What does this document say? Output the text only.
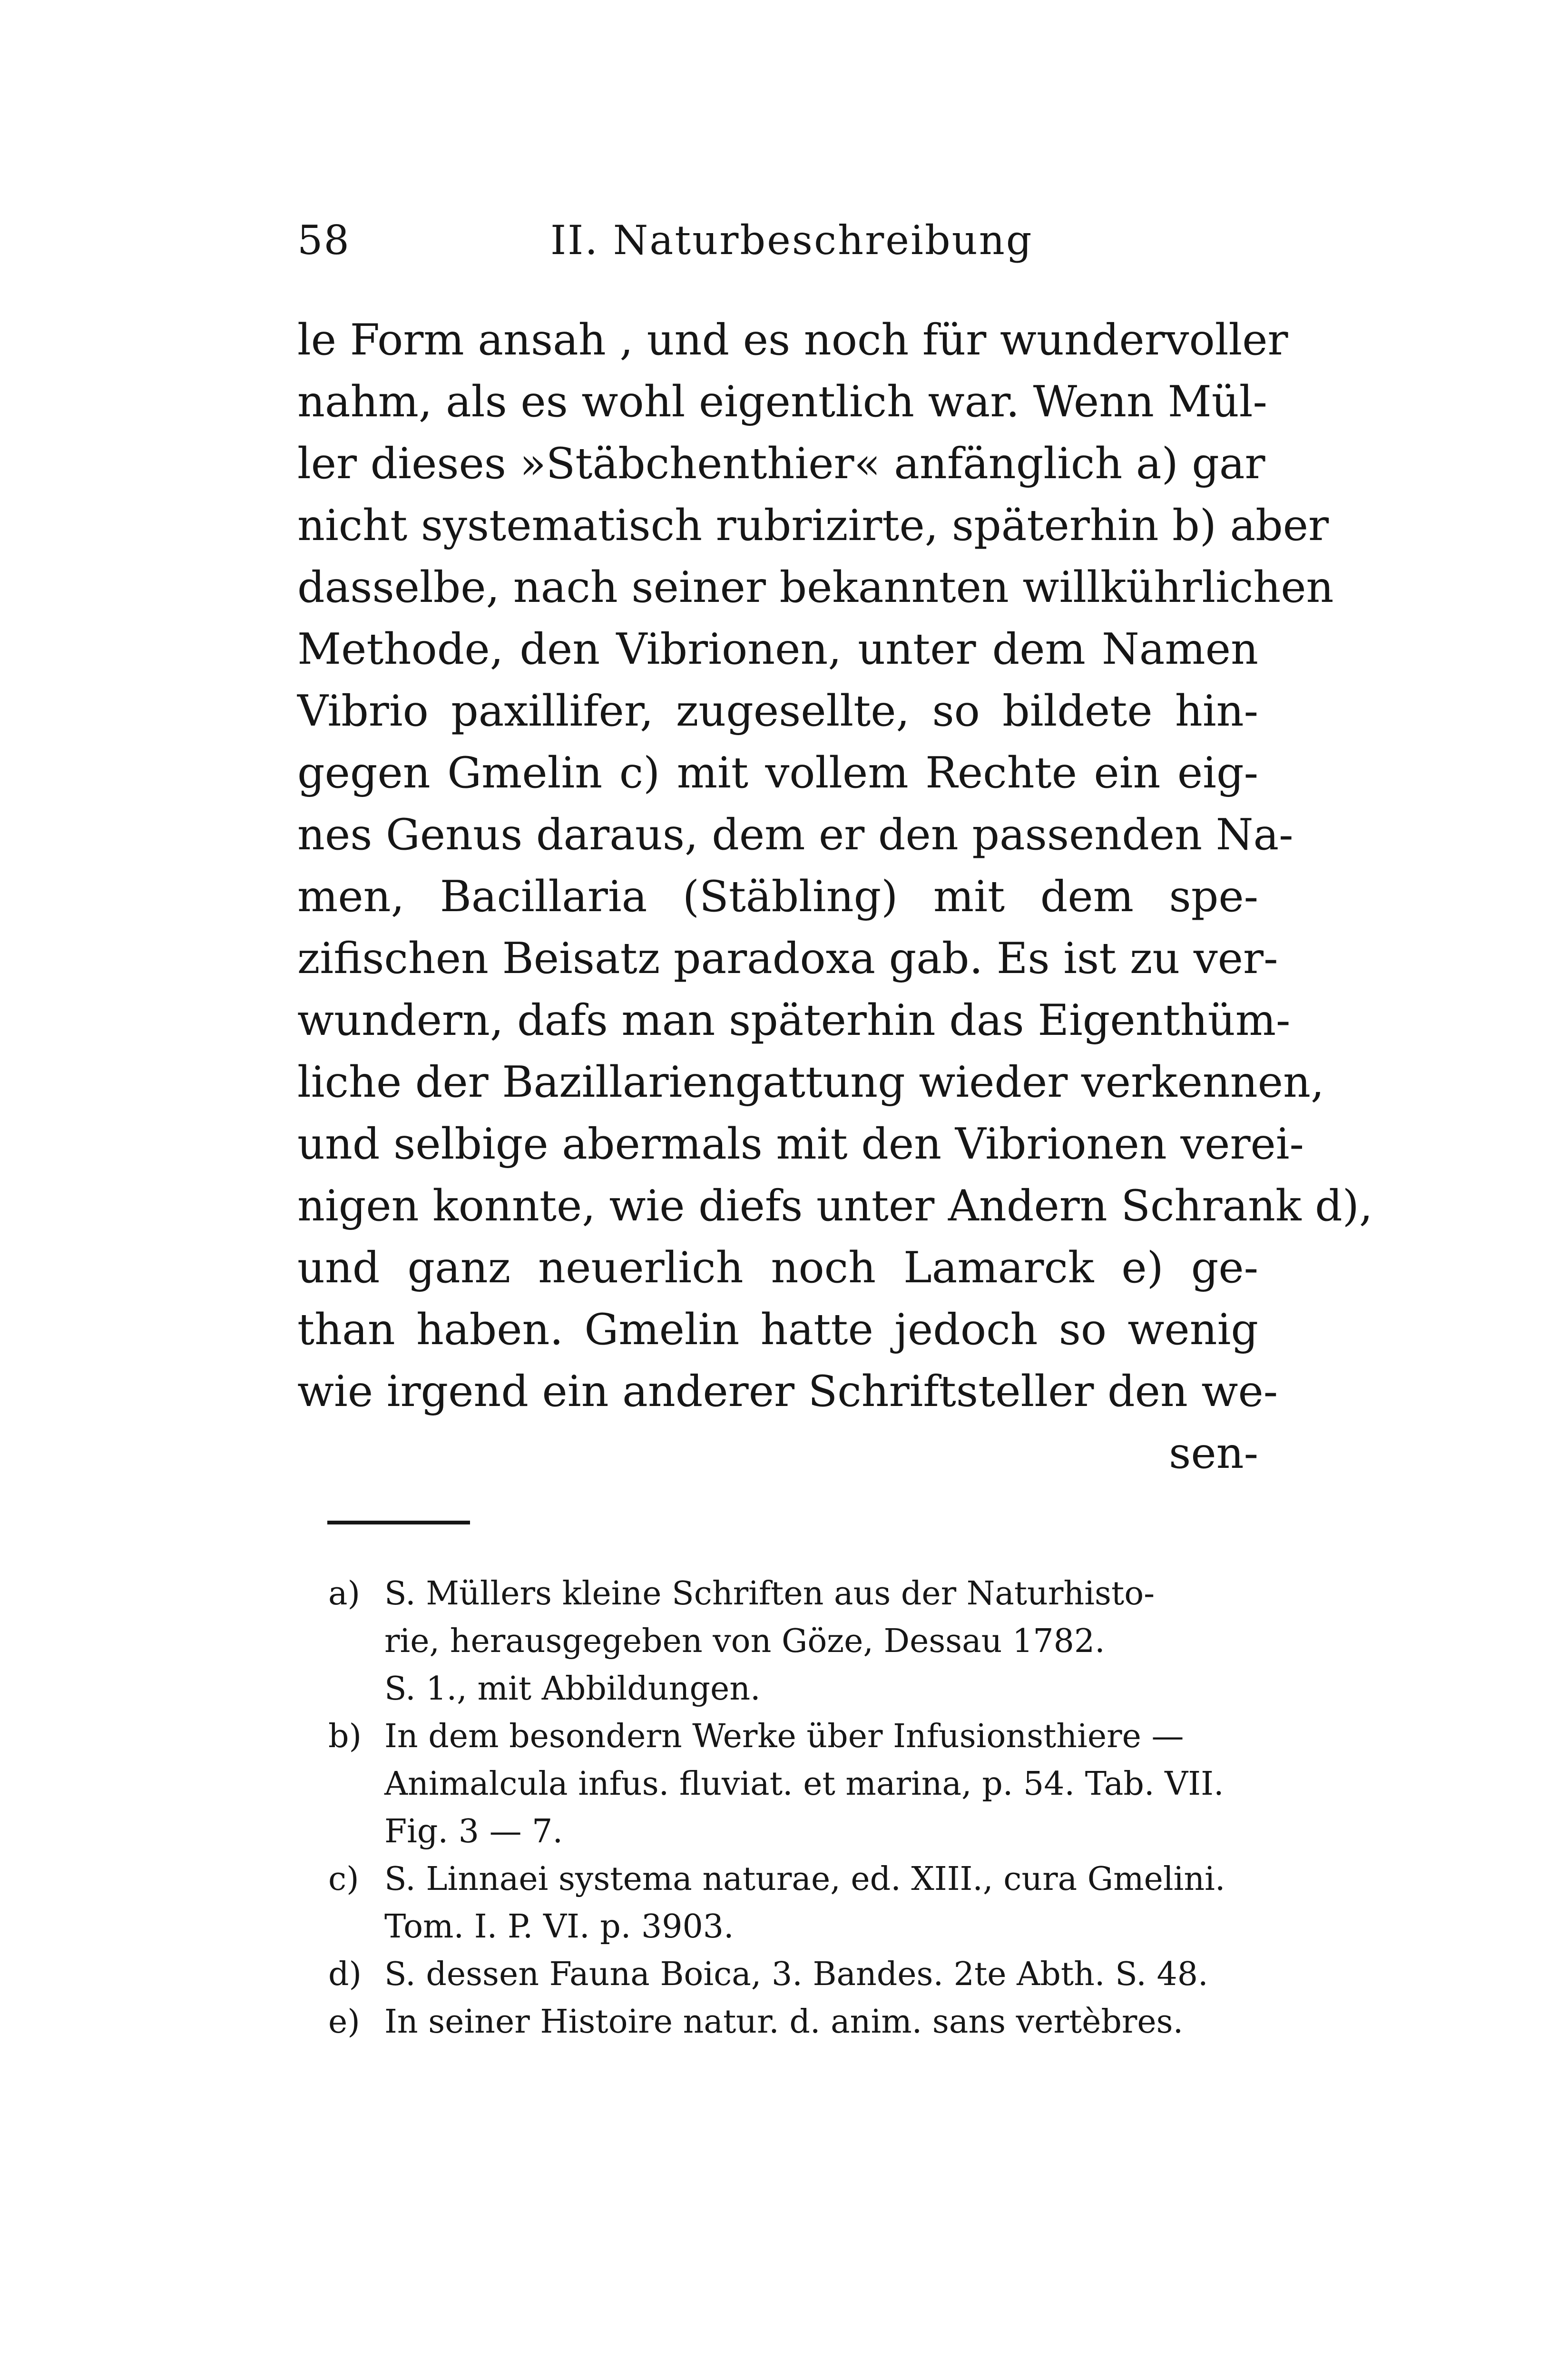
58	II. Naturbeschreibung
le Form ansah , und es noch für wundervoller
nahm, als es wohl eigentlich war. Wenn Mül-
ler dieses »Stäbchenthier« anfänglich a) gar
nicht systematisch rubrizirte, späterhin b) aber
dasselbe, nach seiner bekannten willkührlichen
Methode, den Vibrionen, unter dem Namen
Vibrio paxillifer, zugesellte, so bildete hin-
gegen Gmelin c) mit vollem Rechte ein eig-
nes Genus daraus, dem er den passenden Na-
men, Bacillaria (Stäbling) mit dem spe-
zifischen Beisatz paradoxa gab. Es ist zu ver-
wundern, dafs man späterhin das Eigenthüm-
liche der Bazillariengattung wieder verkennen,
und selbige abermals mit den Vibrionen verei-
nigen konnte, wie diefs unter Andern Schrank d),
und ganz neuerlich noch Lamarck e) ge-
than haben. Gmelin hatte jedoch so wenig
wie irgend ein anderer Schriftsteller den we-
sen-
a) S. Müllers kleine Schriften aus der Naturhisto-
rie, herausgegeben von Göze, Dessau 1782.
S. 1., mit Abbildungen.
b) In dem besondern Werke über Infusionsthiere —
Animalcula infus. fluviat. et marina, p. 54. Tab. VII.
Fig. 3 — 7.
c) S. Linnaei systema naturae, ed. XIII., cura Gmelini.
Tom. I. P. VI. p. 3903.
d) S. dessen Fauna Boica, 3. Bandes. 2te Abth. S. 48.
e) In seiner Histoire natur. d. anim. sans vertèbres.
